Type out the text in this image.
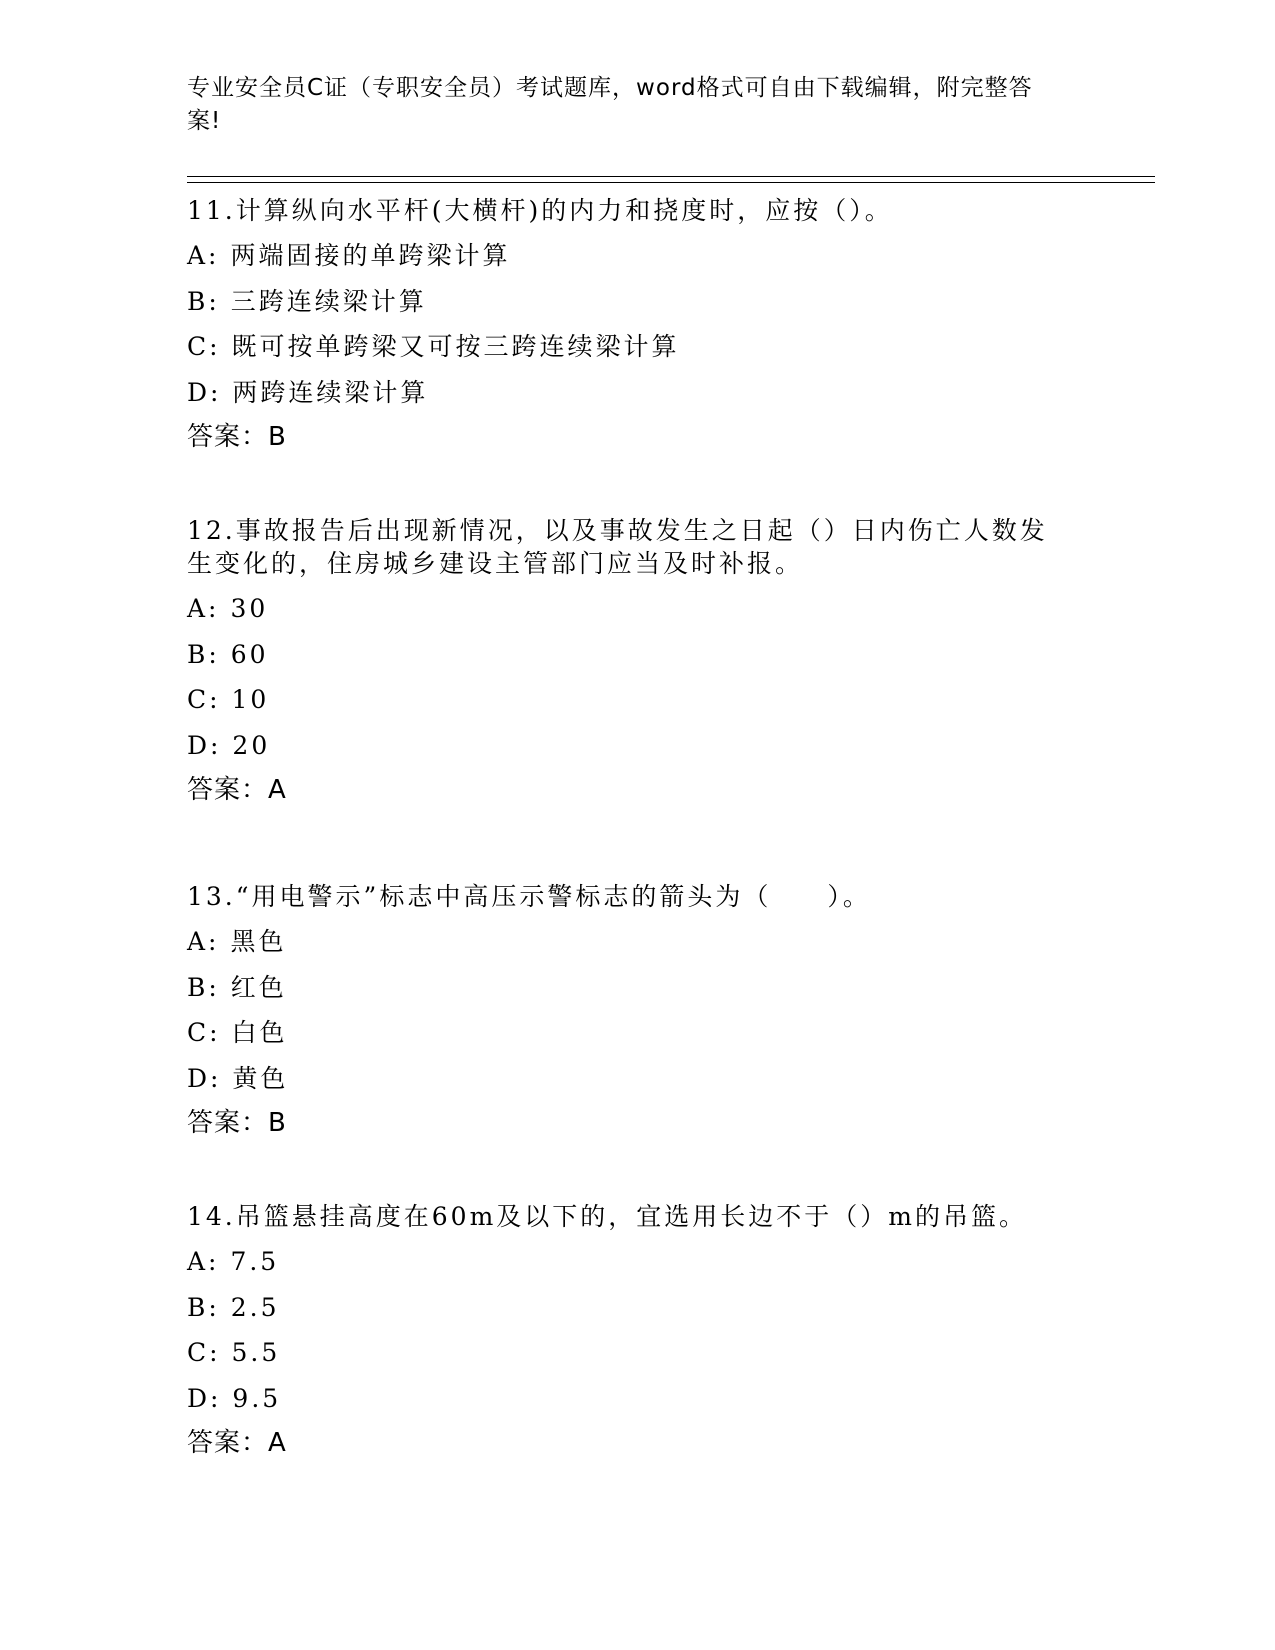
专业安全员C证（专职安全员）考试题库，word格式可自由下载编辑，附完整答
案!
11.计算纵向水平杆(大横杆)的内力和挠度时，应按（）。
A: 两端固接的单跨梁计算
B: 三跨连续梁计算
C: 既可按单跨梁又可按三跨连续梁计算
D: 两跨连续梁计算
答案：B
12.事故报告后出现新情况，以及事故发生之日起（）日内伤亡人数发
生变化的，住房城乡建设主管部门应当及时补报。
A: 30
B: 60
C: 10
D: 20
答案：A
13.“用电警示”标志中高压示警标志的箭头为（　　）。
A: 黑色
B: 红色
C: 白色
D: 黄色
答案：B
14.吊篮悬挂高度在60m及以下的，宜选用长边不于（）m的吊篮。
A: 7.5
B: 2.5
C: 5.5
D: 9.5
答案：A
